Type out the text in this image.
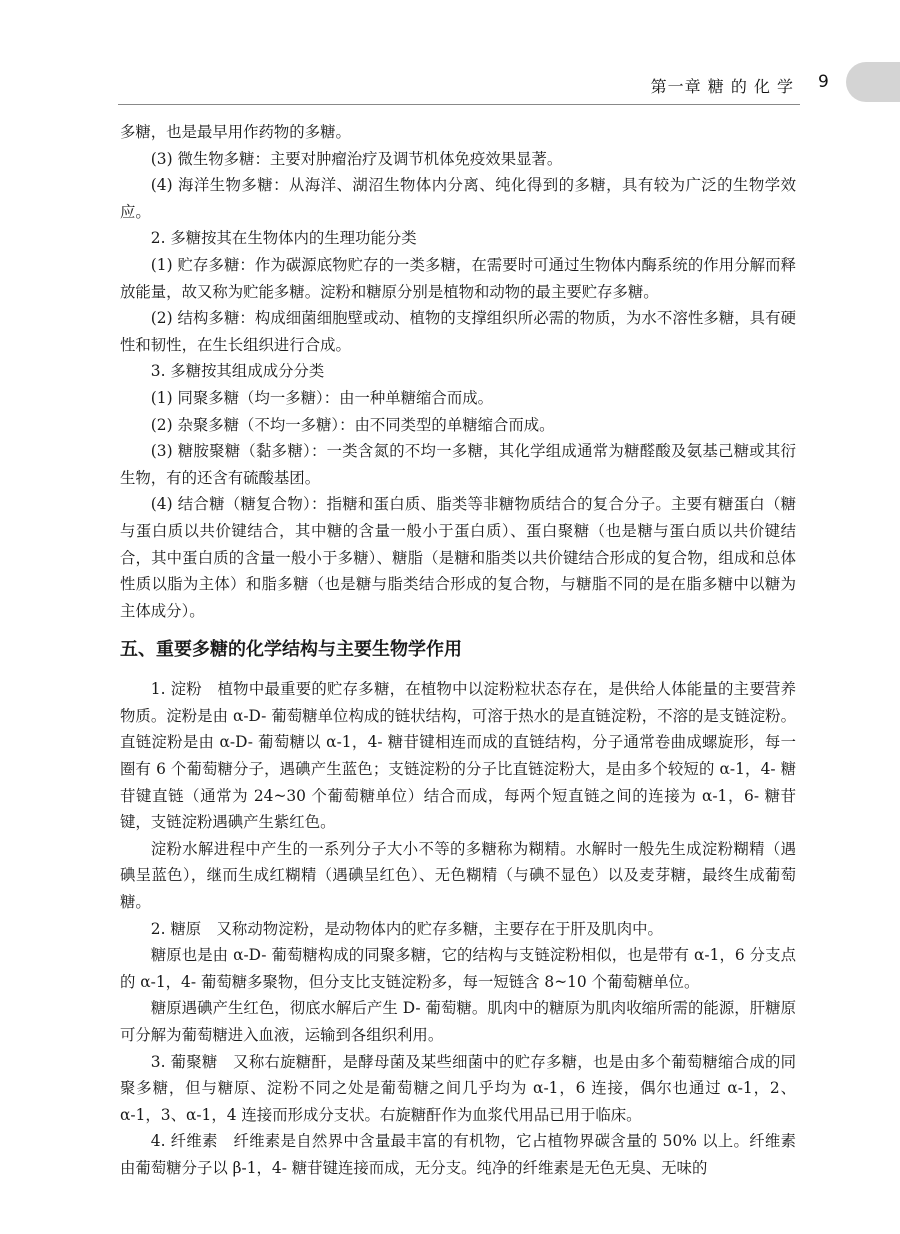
第一章 糖 的 化 学 9

多糖，也是最早用作药物的多糖。

(3) 微生物多糖：主要对肿瘤治疗及调节机体免疫效果显著。

(4) 海洋生物多糖：从海洋、湖沼生物体内分离、纯化得到的多糖，具有较为广泛的生物学效应。

2. 多糖按其在生物体内的生理功能分类

(1) 贮存多糖：作为碳源底物贮存的一类多糖，在需要时可通过生物体内酶系统的作用分解而释放能量，故又称为贮能多糖。淀粉和糖原分别是植物和动物的最主要贮存多糖。

(2) 结构多糖：构成细菌细胞壁或动、植物的支撑组织所必需的物质，为水不溶性多糖，具有硬性和韧性，在生长组织进行合成。

3. 多糖按其组成成分分类

(1) 同聚多糖（均一多糖）：由一种单糖缩合而成。

(2) 杂聚多糖（不均一多糖）：由不同类型的单糖缩合而成。

(3) 糖胺聚糖（黏多糖）：一类含氮的不均一多糖，其化学组成通常为糖醛酸及氨基己糖或其衍生物，有的还含有硫酸基团。

(4) 结合糖（糖复合物）：指糖和蛋白质、脂类等非糖物质结合的复合分子。主要有糖蛋白（糖与蛋白质以共价键结合，其中糖的含量一般小于蛋白质）、蛋白聚糖（也是糖与蛋白质以共价键结合，其中蛋白质的含量一般小于多糖）、糖脂（是糖和脂类以共价键结合形成的复合物，组成和总体性质以脂为主体）和脂多糖（也是糖与脂类结合形成的复合物，与糖脂不同的是在脂多糖中以糖为主体成分）。

五、重要多糖的化学结构与主要生物学作用

1. 淀粉　植物中最重要的贮存多糖，在植物中以淀粉粒状态存在，是供给人体能量的主要营养物质。淀粉是由 α-D- 葡萄糖单位构成的链状结构，可溶于热水的是直链淀粉，不溶的是支链淀粉。直链淀粉是由 α-D- 葡萄糖以 α-1，4- 糖苷键相连而成的直链结构，分子通常卷曲成螺旋形，每一圈有 6 个葡萄糖分子，遇碘产生蓝色；支链淀粉的分子比直链淀粉大，是由多个较短的 α-1，4- 糖苷键直链（通常为 24~30 个葡萄糖单位）结合而成，每两个短直链之间的连接为 α-1，6- 糖苷键，支链淀粉遇碘产生紫红色。

淀粉水解进程中产生的一系列分子大小不等的多糖称为糊精。水解时一般先生成淀粉糊精（遇碘呈蓝色），继而生成红糊精（遇碘呈红色）、无色糊精（与碘不显色）以及麦芽糖，最终生成葡萄糖。

2. 糖原　又称动物淀粉，是动物体内的贮存多糖，主要存在于肝及肌肉中。

糖原也是由 α-D- 葡萄糖构成的同聚多糖，它的结构与支链淀粉相似，也是带有 α-1，6 分支点的 α-1，4- 葡萄糖多聚物，但分支比支链淀粉多，每一短链含 8~10 个葡萄糖单位。

糖原遇碘产生红色，彻底水解后产生 D- 葡萄糖。肌肉中的糖原为肌肉收缩所需的能源，肝糖原可分解为葡萄糖进入血液，运输到各组织利用。

3. 葡聚糖　又称右旋糖酐，是酵母菌及某些细菌中的贮存多糖，也是由多个葡萄糖缩合成的同聚多糖，但与糖原、淀粉不同之处是葡萄糖之间几乎均为 α-1，6 连接，偶尔也通过 α-1，2、α-1，3、α-1，4 连接而形成分支状。右旋糖酐作为血浆代用品已用于临床。

4. 纤维素　纤维素是自然界中含量最丰富的有机物，它占植物界碳含量的 50% 以上。纤维素由葡萄糖分子以 β-1，4- 糖苷键连接而成，无分支。纯净的纤维素是无色无臭、无味的
